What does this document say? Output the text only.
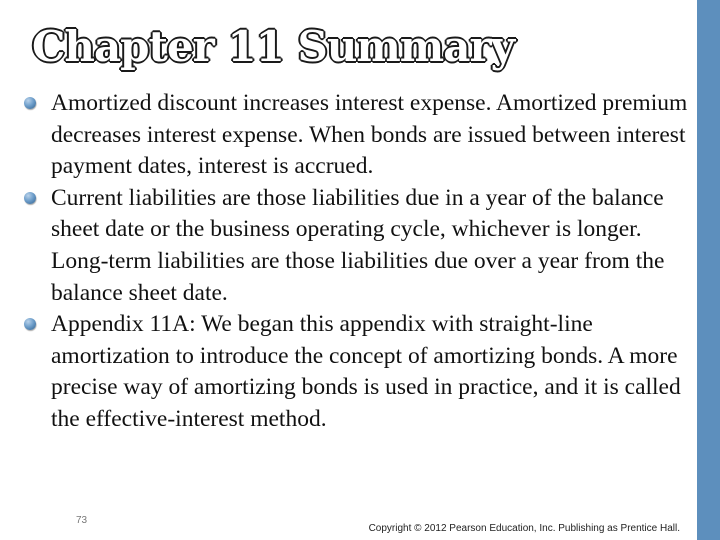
Chapter 11 Summary
Amortized discount increases interest expense. Amortized premium decreases interest expense. When bonds are issued between interest payment dates, interest is accrued.
Current liabilities are those liabilities due in a year of the balance sheet date or the business operating cycle, whichever is longer. Long-term liabilities are those liabilities due over a year from the balance sheet date.
Appendix 11A: We began this appendix with straight-line amortization to introduce the concept of amortizing bonds. A more precise way of amortizing bonds is used in practice, and it is called the effective-interest method.
73
Copyright © 2012 Pearson Education, Inc. Publishing as Prentice Hall.
